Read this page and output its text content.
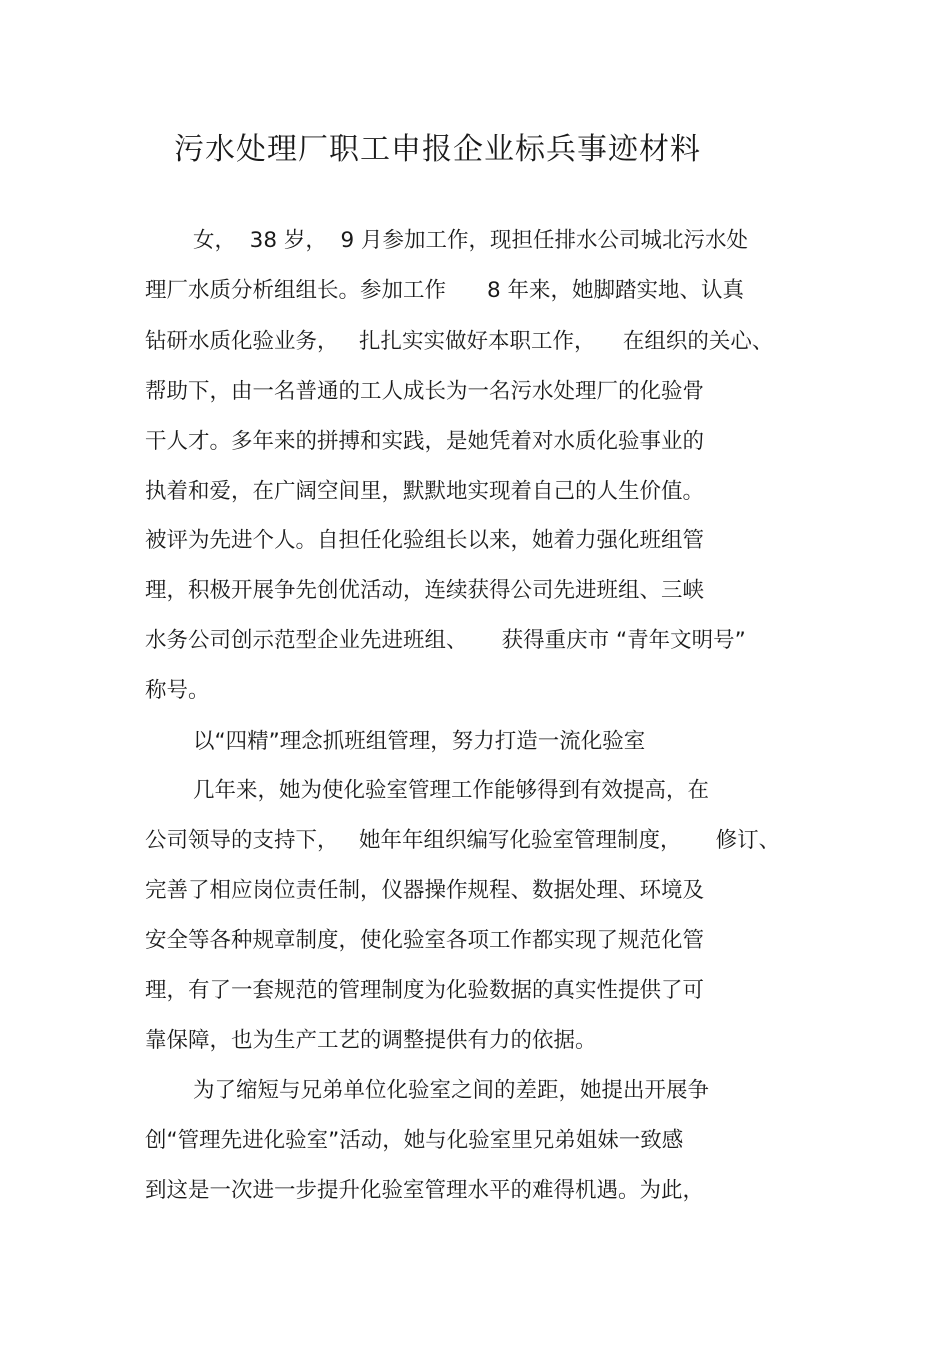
污水处理厂职工申报企业标兵事迹材料
女，  38 岁，  9 月参加工作，现担任排水公司城北污水处
理厂水质分析组组长。参加工作      8 年来，她脚踏实地、认真
钻研水质化验业务，   扎扎实实做好本职工作，    在组织的关心、
帮助下，由一名普通的工人成长为一名污水处理厂的化验骨
干人才。多年来的拼搏和实践，是她凭着对水质化验事业的
执着和爱，在广阔空间里，默默地实现着自己的人生价值。
被评为先进个人。自担任化验组长以来，她着力强化班组管
理，积极开展争先创优活动，连续获得公司先进班组、三峡
水务公司创示范型企业先进班组、     获得重庆市 “青年文明号”
称号。
以“四精”理念抓班组管理，努力打造一流化验室
几年来，她为使化验室管理工作能够得到有效提高，在
公司领导的支持下，   她年年组织编写化验室管理制度，     修订、
完善了相应岗位责任制，仪器操作规程、数据处理、环境及
安全等各种规章制度，使化验室各项工作都实现了规范化管
理，有了一套规范的管理制度为化验数据的真实性提供了可
靠保障，也为生产工艺的调整提供有力的依据。
为了缩短与兄弟单位化验室之间的差距，她提出开展争
创“管理先进化验室”活动，她与化验室里兄弟姐妹一致感
到这是一次进一步提升化验室管理水平的难得机遇。为此，
